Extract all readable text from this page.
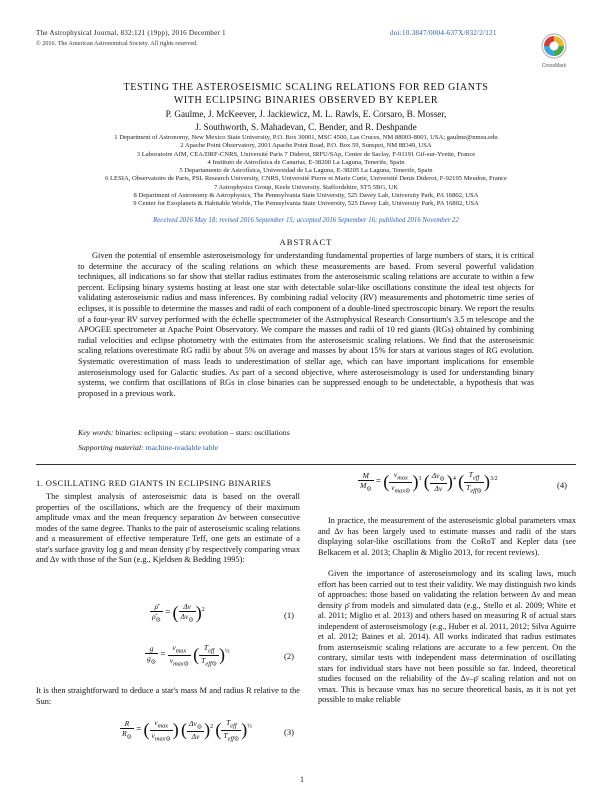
The Astrophysical Journal, 832:121 (19pp), 2016 December 1	doi:10.3847/0004-637X/832/2/121
© 2016. The American Astronomical Society. All rights reserved.
CrossMark
TESTING THE ASTEROSEISMIC SCALING RELATIONS FOR RED GIANTS
WITH ECLIPSING BINARIES OBSERVED BY KEPLER
P. Gaulme, J. McKeever, J. Jackiewicz, M. L. Rawls, E. Corsaro, B. Mosser,
J. Southworth, S. Mahadevan, C. Bender, and R. Deshpande
1 Department of Astronomy, New Mexico State University, P.O. Box 30001, MSC 4500, Las Cruces, NM 88003-8001, USA; gaulme@nmsu.edu
2 Apache Point Observatory, 2001 Apache Point Road, P.O. Box 59, Sunspot, NM 88349, USA
3 Laboratoire AIM, CEA/DRF-CNRS, Université Paris 7 Diderot, IRFU/SAp, Centre de Saclay, F-91191 Gif-sur-Yvette, France
4 Instituto de Astrofísica de Canarias, E-38200 La Laguna, Tenerife, Spain
5 Departamento de Astrofísica, Universidad de La Laguna, E-38205 La Laguna, Tenerife, Spain
6 LESIA, Observatoire de Paris, PSL Research University, CNRS, Université Pierre et Marie Curie, Université Denis Diderot, F-92195 Meudon, France
7 Astrophysics Group, Keele University, Staffordshire, ST5 5BG, UK
8 Department of Astronomy & Astrophysics, The Pennsylvania State University, 525 Davey Lab, University Park, PA 16802, USA
9 Center for Exoplanets & Habitable Worlds, The Pennsylvania State University, 525 Davey Lab, University Park, PA 16802, USA
Received 2016 May 18; revised 2016 September 15; accepted 2016 September 16; published 2016 November 22
ABSTRACT
Given the potential of ensemble asteroseismology for understanding fundamental properties of large numbers of stars, it is critical to determine the accuracy of the scaling relations on which these measurements are based. From several powerful validation techniques, all indications so far show that stellar radius estimates from the asteroseismic scaling relations are accurate to within a few percent. Eclipsing binary systems hosting at least one star with detectable solar-like oscillations constitute the ideal test objects for validating asteroseismic radius and mass inferences. By combining radial velocity (RV) measurements and photometric time series of eclipses, it is possible to determine the masses and radii of each component of a double-lined spectroscopic binary. We report the results of a four-year RV survey performed with the échelle spectrometer of the Astrophysical Research Consortium's 3.5 m telescope and the APOGEE spectrometer at Apache Point Observatory. We compare the masses and radii of 10 red giants (RGs) obtained by combining radial velocities and eclipse photometry with the estimates from the asteroseismic scaling relations. We find that the asteroseismic scaling relations overestimate RG radii by about 5% on average and masses by about 15% for stars at various stages of RG evolution. Systematic overestimation of mass leads to underestimation of stellar age, which can have important implications for ensemble asteroseismology used for Galactic studies. As part of a second objective, where asteroseismology is used for understanding binary systems, we confirm that oscillations of RGs in close binaries can be suppressed enough to be undetectable, a hypothesis that was proposed in a previous work.
Key words: binaries: eclipsing – stars: evolution – stars: oscillations
Supporting material: machine-readable table
1. OSCILLATING RED GIANTS IN ECLIPSING BINARIES

The simplest analysis of asteroseismic data is based on the overall properties of the oscillations, which are the frequency of their maximum amplitude νmax and the mean frequency separation Δν between consecutive modes of the same degree. Thanks to the pair of asteroseismic scaling relations and a measurement of effective temperature Teff, one gets an estimate of a star's surface gravity log g and mean density ρ̄ by respectively comparing νmax and Δν with those of the Sun (e.g., Kjeldsen & Bedding 1995):

$\frac{\rhō}{\rhō_⊙}$ = ( $\frac{\Delta\nu}{\Delta\nu_⊙} )^2$
(1)
$\frac{g}{g_⊙} = \frac{\nu_{max}}{\nu_{max⊙}}$ ( $\frac{T_{eff}}{T_{eff⊙}} )^{\frac{1}{2}}$	(2)

It is then straightforward to deduce a star's mass M and radius R relative to the Sun:

$\frac{R}{R_⊙}$ = ( $\frac{\nu_{max}}{\nu_{max⊙}}$ ) ( $\frac{\Delta\nu_⊙}{\Delta\nu} )^2$ ( $\frac{T_{eff}}{T_{eff⊙}} )^{\frac{1}{2}}$	(3)
$\frac{M}{M_⊙}$ = ( $\frac{\nu_{max}}{\nu_{max⊙}} )^3$ ( $\frac{\Delta\nu_⊙}{\Delta\nu} )^4$ ( $\frac{T_{eff}}{T_{eff⊙}} )^{3/2}$
(4)

In practice, the measurement of the asteroseismic global parameters νmax and Δν has been largely used to estimate masses and radii of the stars displaying solar-like oscillations from the CoRoT and Kepler data (see Belkacem et al. 2013; Chaplin & Miglio 2013, for recent reviews).

Given the importance of asteroseismology and its scaling laws, much effort has been carried out to test their validity. We may distinguish two kinds of approaches: those based on validating the relation between Δν and mean density ρ̄ from models and simulated data (e.g., Stello et al. 2009; White et al. 2011; Miglio et al. 2013) and others based on measuring R of actual stars independent of asteroseismology (e.g., Huber et al. 2011, 2012; Silva Aguirre et al. 2012; Baines et al. 2014). All works indicated that radius estimates from asteroseismic scaling relations are accurate to a few percent. On the contrary, similar tests with independent mass determination of oscillating stars for individual stars have not been possible so far. Indeed, theoretical studies focused on the reliability of the Δν–ρ̄ scaling relation and not on νmax. This is because νmax has no secure theoretical basis, as it is not yet possible to make reliable

1
